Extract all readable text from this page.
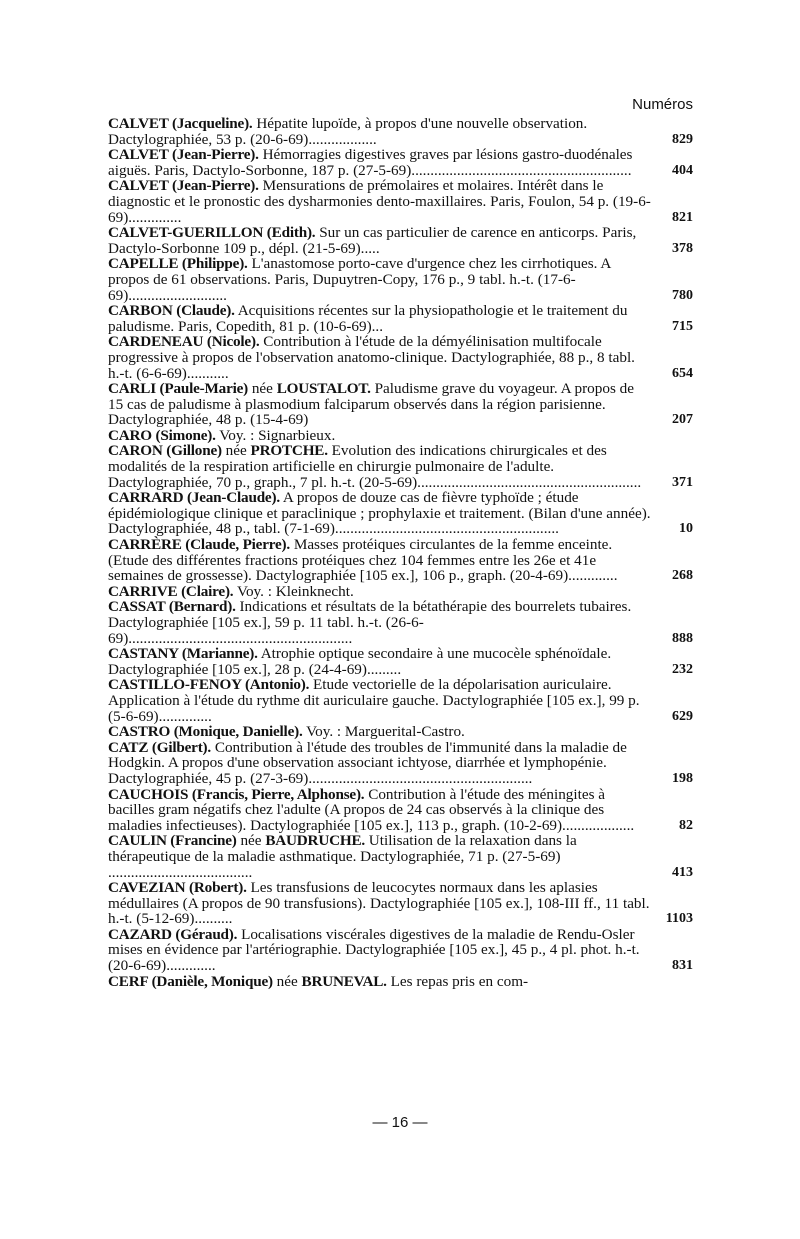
Numéros
CALVET (Jacqueline). Hépatite lupoïde, à propos d'une nouvelle observation. Dactylographiée, 53 p. (20-6-69)..................	829
CALVET (Jean-Pierre). Hémorragies digestives graves par lésions gastro-duodénales aiguës. Paris, Dactylo-Sorbonne, 187 p. (27-5-69)..........................................................	404
CALVET (Jean-Pierre). Mensurations de prémolaires et molaires. Intérêt dans le diagnostic et le pronostic des dysharmonies dento-maxillaires. Paris, Foulon, 54 p. (19-6-69)..............	821
CALVET-GUERILLON (Edith). Sur un cas particulier de carence en anticorps. Paris, Dactylo-Sorbonne 109 p., dépl. (21-5-69).....	378
CAPELLE (Philippe). L'anastomose porto-cave d'urgence chez les cirrhotiques. A propos de 61 observations. Paris, Dupuytren-Copy, 176 p., 9 tabl. h.-t. (17-6-69)..........................	780
CARBON (Claude). Acquisitions récentes sur la physiopathologie et le traitement du paludisme. Paris, Copedith, 81 p. (10-6-69)...	715
CARDENEAU (Nicole). Contribution à l'étude de la démyélinisation multifocale progressive à propos de l'observation anatomo-clinique. Dactylographiée, 88 p., 8 tabl. h.-t. (6-6-69)...........	654
CARLI (Paule-Marie) née LOUSTALOT. Paludisme grave du voyageur. A propos de 15 cas de paludisme à plasmodium falciparum observés dans la région parisienne. Dactylographiée, 48 p. (15-4-69)	207
CARO (Simone). Voy. : Signarbieux.
CARON (Gillone) née PROTCHE. Evolution des indications chirurgicales et des modalités de la respiration artificielle en chirurgie pulmonaire de l'adulte. Dactylographiée, 70 p., graph., 7 pl. h.-t. (20-5-69)...........................................................	371
CARRARD (Jean-Claude). A propos de douze cas de fièvre typhoïde ; étude épidémiologique clinique et paraclinique ; prophylaxie et traitement. (Bilan d'une année). Dactylographiée, 48 p., tabl. (7-1-69)...........................................................	10
CARRÈRE (Claude, Pierre). Masses protéiques circulantes de la femme enceinte. (Etude des différentes fractions protéiques chez 104 femmes entre les 26e et 41e semaines de grossesse). Dactylographiée [105 ex.], 106 p., graph. (20-4-69).............	268
CARRIVE (Claire). Voy. : Kleinknecht.
CASSAT (Bernard). Indications et résultats de la bétathérapie des bourrelets tubaires. Dactylographiée [105 ex.], 59 p. 11 tabl. h.-t. (26-6-69)...........................................................	888
CASTANY (Marianne). Atrophie optique secondaire à une mucocèle sphénoïdale. Dactylographiée [105 ex.], 28 p. (24-4-69).........	232
CASTILLO-FENOY (Antonio). Etude vectorielle de la dépolarisation auriculaire. Application à l'étude du rythme dit auriculaire gauche. Dactylographiée [105 ex.], 99 p. (5-6-69)..............	629
CASTRO (Monique, Danielle). Voy. : Marguerital-Castro.
CATZ (Gilbert). Contribution à l'étude des troubles de l'immunité dans la maladie de Hodgkin. A propos d'une observation associant ichtyose, diarrhée et lymphopénie. Dactylographiée, 45 p. (27-3-69)...........................................................	198
CAUCHOIS (Francis, Pierre, Alphonse). Contribution à l'étude des méningites à bacilles gram négatifs chez l'adulte (A propos de 24 cas observés à la clinique des maladies infectieuses). Dactylographiée [105 ex.], 113 p., graph. (10-2-69)...................	82
CAULIN (Francine) née BAUDRUCHE. Utilisation de la relaxation dans la thérapeutique de la maladie asthmatique. Dactylographiée, 71 p. (27-5-69) ......................................	413
CAVEZIAN (Robert). Les transfusions de leucocytes normaux dans les aplasies médullaires (A propos de 90 transfusions). Dactylographiée [105 ex.], 108-III ff., 11 tabl. h.-t. (5-12-69)..........	1103
CAZARD (Géraud). Localisations viscérales digestives de la maladie de Rendu-Osler mises en évidence par l'artériographie. Dactylographiée [105 ex.], 45 p., 4 pl. phot. h.-t. (20-6-69).............	831
CERF (Danièle, Monique) née BRUNEVAL. Les repas pris en com-
— 16 —
